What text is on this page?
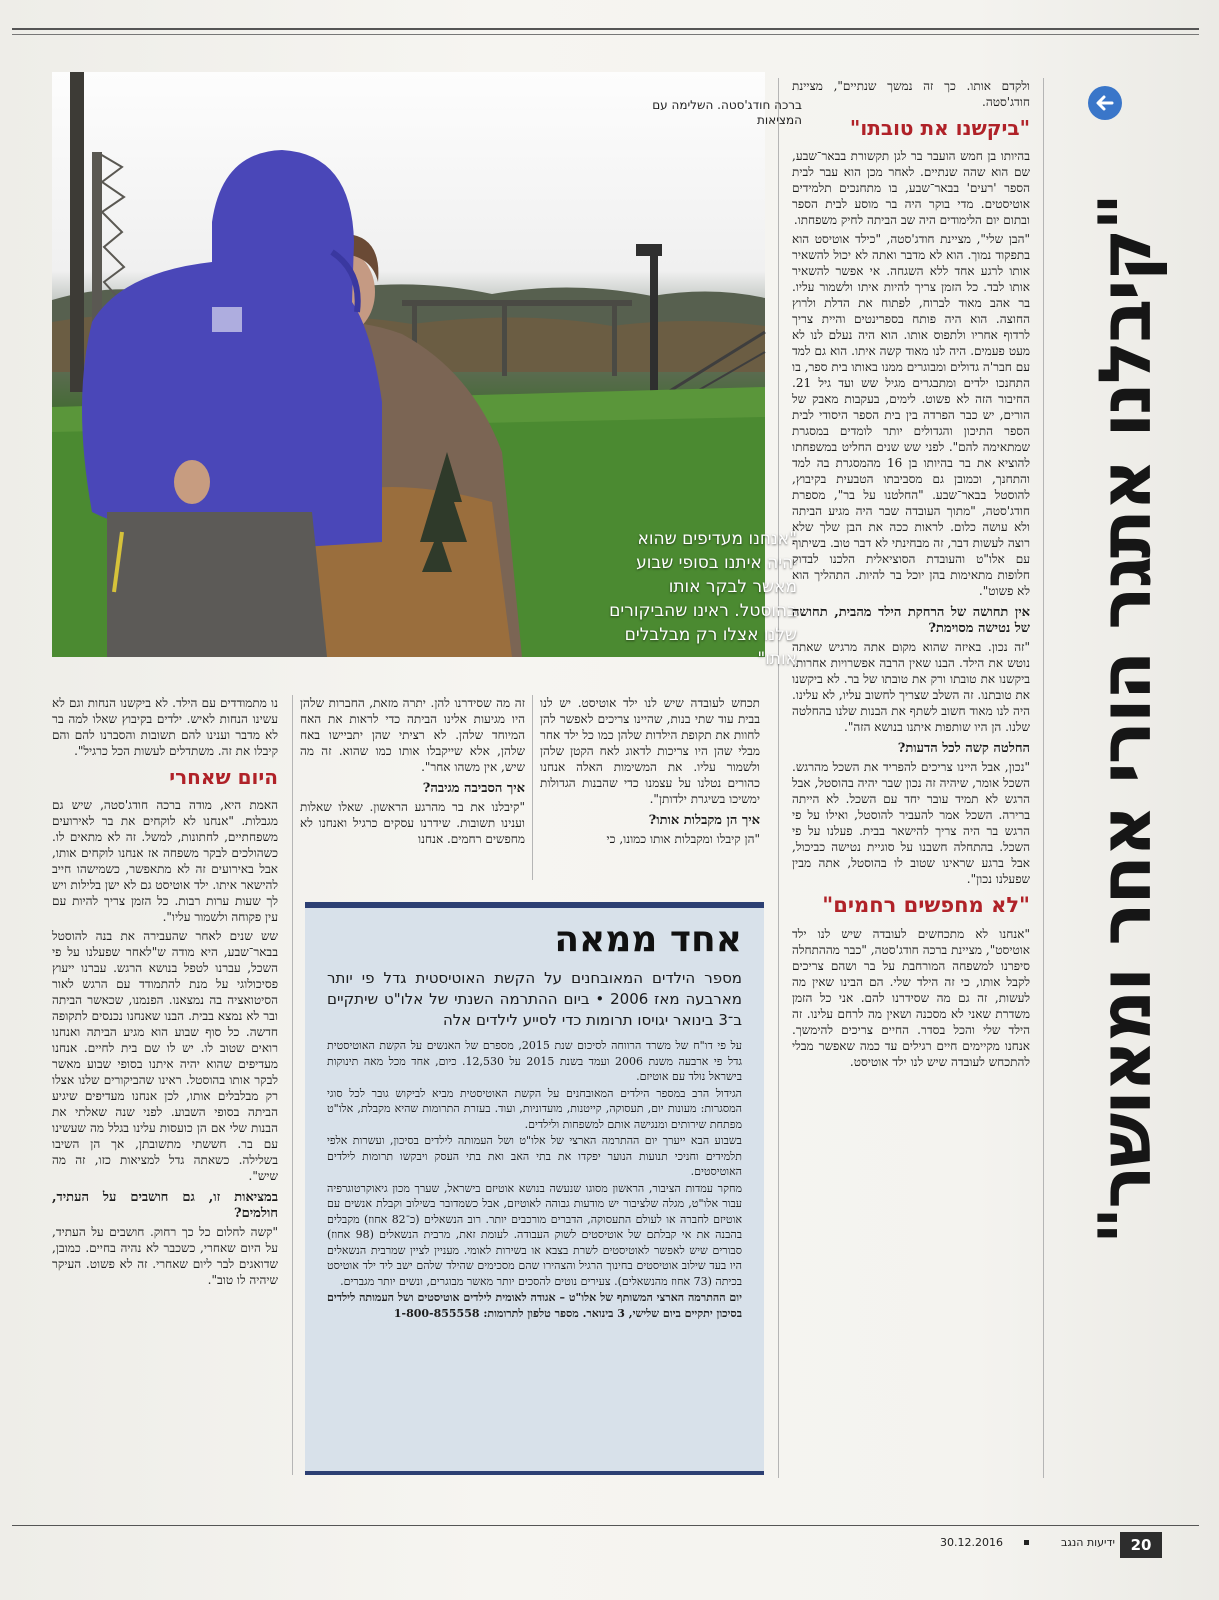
"קיבלנו אתגר הורי אחר ומאושר"
ברכה חודג'סטה. השלימה עם המציאות
"אנחנו מעדיפים שהוא יהיה איתנו בסופי שבוע מאשר לבקר אותו בהוסטל. ראינו שהביקורים שלנו אצלו רק מבלבלים אותו"

ולקדם אותו. כך זה נמשך שנתיים", מציינת חודג'סטה.

"ביקשנו את טובתו"

בהיותו בן חמש הועבר בר לגן תקשורת בבאר־שבע, שם הוא שהה שנתיים. לאחר מכן הוא עבר לבית הספר 'רעים' בבאר־שבע, בו מתחנכים תלמידים אוטיסטים. מדי בוקר היה בר מוסע לבית הספר ובתום יום הלימודים היה שב הביתה לחיק משפחתו.

"הבן שלי", מציינת חודג'סטה, "כילד אוטיסט הוא בתפקוד נמוך. הוא לא מדבר ואתה לא יכול להשאיר אותו לרגע אחד ללא השגחה. אי אפשר להשאיר אותו לבד. כל הזמן צריך להיות איתו ולשמור עליו. בר אהב מאוד לברוח, לפתוח את הדלת ולרוץ החוצה. הוא היה פותח בספרינטים והיית צריך לרדוף אחריו ולתפוס אותו. הוא היה נעלם לנו לא מעט פעמים. היה לנו מאוד קשה איתו. הוא גם למד עם חבר'ה גדולים ומבוגרים ממנו באותו בית ספר, בו התחנכו ילדים ומתבגרים מגיל שש ועד גיל 21. החיבור הזה לא פשוט. לימים, בעקבות מאבק של הורים, יש כבר הפרדה בין בית הספר היסודי לבית הספר התיכון והגדולים יותר לומדים במסגרת שמתאימה להם". לפני שש שנים החליט במשפחתו להוציא את בר בהיותו בן 16 מהמסגרת בה למד והתחנך, וכמובן גם מסביבתו הטבעית בקיבוץ, להוסטל בבאר־שבע. "החלטנו על בר", מספרת חודג'סטה, "מתוך העובדה שבר היה מגיע הביתה ולא עושה כלום. לראות ככה את הבן שלך שלא רוצה לעשות דבר, זה מבחינתי לא דבר טוב. בשיתוף עם אלו"ט והעובדת הסוציאלית הלכנו לבדוק חלופות מתאימות בהן יוכל בר להיות. התהליך הוא לא פשוט".

אין תחושה של הרחקת הילד מהבית, תחושה של נטישה מסוימת?

"זה נכון. באיזה שהוא מקום אתה מרגיש שאתה נוטש את הילד. הבנו שאין הרבה אפשרויות אחרות. ביקשנו את טובתו ורק את טובתו של בר. לא ביקשנו את טובתנו. זה השלב שצריך לחשוב עליו, לא עלינו. היה לנו מאוד חשוב לשתף את הבנות שלנו בהחלטה שלנו. הן היו שותפות איתנו בנושא הזה".

החלטה קשה לכל הדעות?

"נכון, אבל היינו צריכים להפריד את השכל מהרגש. השכל אומר, שיהיה זה נכון שבר יהיה בהוסטל, אבל הרגש לא תמיד עובר יחד עם השכל. לא הייתה ברירה. השכל אמר להעביר להוסטל, ואילו על פי הרגש בר היה צריך להישאר בבית. פעלנו על פי השכל. בהתחלה חשבנו על סוגיית נטישה כביכול, אבל ברגע שראינו שטוב לו בהוסטל, אתה מבין שפעלנו נכון".

"לא מחפשים רחמים"

"אנחנו לא מתכחשים לעובדה שיש לנו ילד אוטיסט", מציינת ברכה חודג'סטה, "כבר מההתחלה סיפרנו למשפחה המורחבת על בר ושהם צריכים לקבל אותו, כי זה הילד שלי. הם הבינו שאין מה לעשות, זה גם מה שסידרנו להם. אני כל הזמן משדרת שאני לא מסכנה ושאין מה לרחם עלינו. זה הילד שלי והכל בסדר. החיים צריכים להימשך. אנחנו מקיימים חיים רגילים עד כמה שאפשר מבלי להתכחש לעובדה שיש לנו ילד אוטיסט.

תכחש לעובדה שיש לנו ילד אוטיסט. יש לנו בבית עוד שתי בנות, שהיינו צריכים לאפשר להן לחוות את תקופת הילדות שלהן כמו כל ילד אחר מבלי שהן היו צריכות לדאוג לאח הקטן שלהן ולשמור עליו. את המשימות האלה אנחנו כהורים נטלנו על עצמנו כדי שהבנות הגדולות ימשיכו בשיגרת ילדותן".

איך הן מקבלות אותו?

"הן קיבלו ומקבלות אותו כמונו, כי

זה מה שסידרנו להן. יתרה מזאת, החברות שלהן היו מגיעות אלינו הביתה כדי לראות את האח המיוחד שלהן. לא רציתי שהן יתביישו באח שלהן, אלא שייקבלו אותו כמו שהוא. זה מה שיש, אין משהו אחר".

איך הסביבה מגיבה?

"קיבלנו את בר מהרגע הראשון. שאלו שאלות וענינו תשובות. שידרנו עסקים כרגיל ואנחנו לא מחפשים רחמים. אנחנו

נו מתמודדים עם הילד. לא ביקשנו הנחות וגם לא עשינו הנחות לאיש. ילדים בקיבוץ שאלו למה בר לא מדבר וענינו להם תשובות והסברנו להם והם קיבלו את זה. משתדלים לעשות הכל כרגיל".

היום שאחרי

האמת היא, מודה ברכה חודג'סטה, שיש גם מגבלות. "אנחנו לא לוקחים את בר לאירועים משפחתיים, לחתונות, למשל. זה לא מתאים לו. כשהולכים לבקר משפחה אז אנחנו לוקחים אותו, אבל באירועים זה לא מתאפשר, כשמישהו חייב להישאר איתו. ילד אוטיסט גם לא ישן בלילות ויש לך שעות ערות רבות. כל הזמן צריך להיות עם עין פקוחה ולשמור עליו".

שש שנים לאחר שהעבירה את בנה להוסטל בבאר־שבע, היא מודה ש"לאחר שפעלנו על פי השכל, עברנו לטפל בנושא הרגש. עברנו ייעוץ פסיכולוגי על מנת להתמודד עם הרגש לאור הסיטואציה בה נמצאנו. הפנמנו, שכאשר הביתה ובר לא נמצא בבית. הבנו שאנחנו נכנסים לתקופה חדשה. כל סוף שבוע הוא מגיע הביתה ואנחנו רואים שטוב לו. יש לו שם בית לחיים. אנחנו מעדיפים שהוא יהיה איתנו בסופי שבוע מאשר לבקר אותו בהוסטל. ראינו שהביקורים שלנו אצלו רק מבלבלים אותו, לכן אנחנו מעדיפים שיגיע הביתה בסופי השבוע. לפני שנה שאלתי את הבנות שלי אם הן כועסות עלינו בגלל מה שעשינו עם בר. חששתי מתשובתן, אך הן השיבו בשלילה. כשאתה גדל למציאות כזו, זה מה שיש".

במציאות זו, גם חושבים על העתיד, חולמים?

"קשה לחלום כל כך רחוק. חושבים על העתיד, על היום שאחרי, כשכבר לא נהיה בחיים. כמובן, שדואגים לבר ליום שאחרי. זה לא פשוט. העיקר שיהיה לו טוב".

אחד ממאה
מספר הילדים המאובחנים על הקשת האוטיסטית גדל פי יותר מארבעה מאז 2006 • ביום ההתרמה השנתי של אלו"ט שיתקיים ב־3 בינואר יגויסו תרומות כדי לסייע לילדים אלה

על פי דו"ח של משרד הרווחה לסיכום שנת 2015, מספרם של האנשים על הקשת האוטיסטית גדל פי ארבעה משנת 2006 ועמד בשנת 2015 על 12,530. כיום, אחד מכל מאה תינוקות בישראל נולד עם אוטיזם.

הגידול הרב במספר הילדים המאובחנים על הקשת האוטיסטית מביא לביקוש גובר לכל סוגי המסגרות: מעונות יום, תעסוקה, קייטנות, מועדוניות, ועוד. בעזרת התרומות שהיא מקבלת, אלו"ט מפתחת שירותים ומנגישה אותם למשפחות ולילדים.

בשבוע הבא ייערך יום ההתרמה הארצי של אלו"ט ושל העמותה לילדים בסיכון, ועשרות אלפי תלמידים וחניכי תנועות הנוער יפקדו את בתי האב ואת בתי העסק ויבקשו תרומות לילדים האוטיסטים.

מחקר עמדות הציבור, הראשון מסוגו שנעשה בנושא אוטיזם בישראל, שערך מכון גיאוקרטוגרפיה עבור אלו"ט, מגלה שלציבור יש מודעות גבוהה לאוטיזם, אבל כשמדובר בשילוב וקבלת אנשים עם אוטיזם לחברה או לעולם התעסוקה, הדברים מורכבים יותר. רוב הנשאלים (כ־82 אחוז) מקבלים בהבנה את אי קבלתם של אוטיסטים לשוק העבודה. לעומת זאת, מרבית הנשאלים (98 אחוז) סבורים שיש לאפשר לאוטיסטים לשרת בצבא או בשירות לאומי. מעניין לציין שמרבית הנשאלים היו בעד שילוב אוטיסטים בחינוך הרגיל והצהירו שהם מסכימים שהילד שלהם ישב ליד ילד אוטיסט בכיתה (73 אחוז מהנשאלים). צעירים נוטים להסכים יותר מאשר מבוגרים, ונשים יותר מגברים.

יום ההתרמה הארצי המשותף של אלו"ט – אגודה לאומית לילדים אוטיסטים ושל העמותה לילדים בסיכון יתקיים ביום שלישי, 3 בינואר. מספר טלפון לתרומות: 1-800-855558

20
ידיעות הנגב
30.12.2016
